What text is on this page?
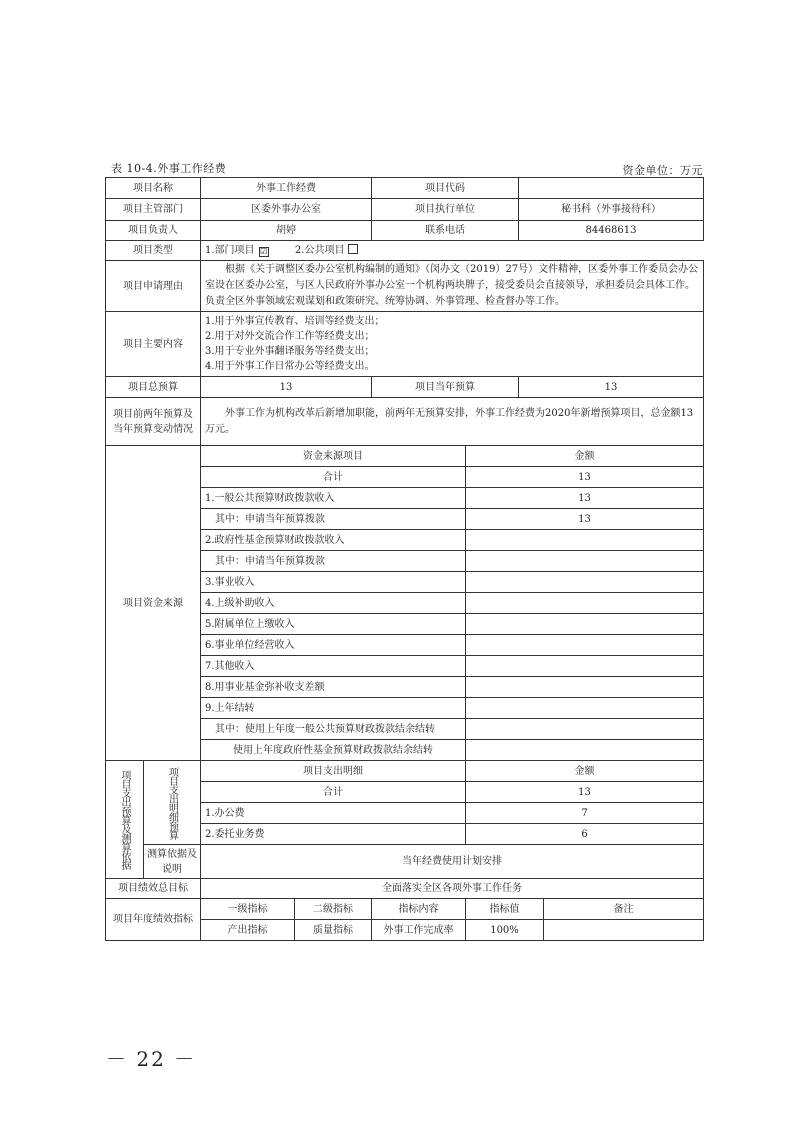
表 10-4.外事工作经费	资金单位：万元
项目名称		外事工作经费		项目代码			
项目主管部门		区委外事办公室		项目执行单位		秘书科（外事接待科）	
项目负责人		胡婷		联系电话		84468613	
项目类型		1.部门项目 ☑ 2.公共项目					
项目申请理由		根据《关于调整区委办公室机构编制的通知》（闵办文（2019）27号）文件精神，区委外事工作委员会办公室设在区委办公室，与区人民政府外事办公室一个机构两块牌子，接受委员会直接领导，承担委员会具体工作。负责全区外事领域宏观谋划和政策研究、统筹协调、外事管理、检查督办等工作。					
项目主要内容		1.用于外事宣传教育、培训等经费支出；
2.用于对外交流合作工作等经费支出；
3.用于专业外事翻译服务等经费支出；
4.用于外事工作日常办公等经费支出。					

项目总预算		13		项目当年预算		13	
项目前两年预算及当年预算变动情况		外事工作为机构改革后新增加职能，前两年无预算安排，外事工作经费为2020年新增预算项目，总金额13万元。					
项目资金来源		资金来源项目			金额		
		合计			13		
		1.一般公共预算财政拨款收入			13		
		其中：申请当年预算拨款			13		
		2.政府性基金预算财政拨款收入					
		其中：申请当年预算拨款					
		3.事业收入					
		4.上级补助收入					
		5.附属单位上缴收入					
		6.事业单位经营收入					
		7.其他收入					
		8.用事业基金弥补收支差额					
		9.上年结转					
		其中：使用上年度一般公共预算财政拨款结余结转					
		使用上年度政府性基金预算财政拨款结余结转					

项目支出预算及测算依据	项目支出明细预算	项目支出明细			金额		
		合计			13		
		1.办公费			7		
		2.委托业务费			6		
	测算依据及说明	当年经费使用计划安排					
项目绩效总目标		全面落实全区各项外事工作任务					
项目年度绩效指标		一级指标	二级指标	指标内容	指标值		备注
		产出指标	质量指标	外事工作完成率	100%		
－ 22 －
